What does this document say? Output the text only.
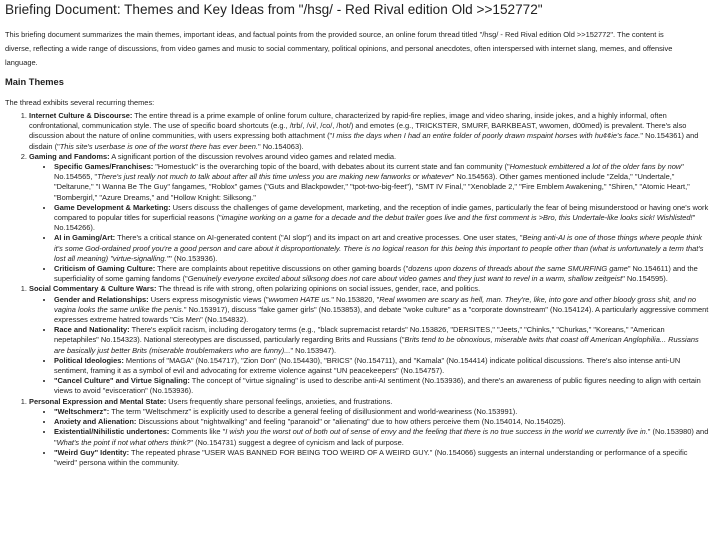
Briefing Document: Themes and Key Ideas from "/hsg/ - Red Rival edition Old >>152772"

This briefing document summarizes the main themes, important ideas, and factual points from the provided source, an online forum thread titled "/hsg/ - Red Rival edition Old >>152772". The content is diverse, reflecting a wide range of discussions, from video games and music to social commentary, political opinions, and personal anecdotes, often interspersed with internet slang, memes, and offensive language.

Main Themes

The thread exhibits several recurring themes:

1. Internet Culture & Discourse: The entire thread is a prime example of online forum culture, characterized by rapid-fire replies, image and video sharing, inside jokes, and a highly informal, often confrontational, communication style. The use of specific board shortcuts (e.g., /trb/, /vi/, /co/, /hot/) and emotes (e.g., TRICKSTER, SMURF, BARKBEAST, wwomen, d00med) is prevalent. There's also discussion about the nature of online communities, with users expressing both attachment ("I miss the days when I had an entire folder of poorly drawn mspaint horses with hu¢¢ie's face." No.154361) and disdain ("This site's userbase is one of the worst there has ever been." No.154063).
2. Gaming and Fandoms: A significant portion of the discussion revolves around video games and related media.
• Specific Games/Franchises: "Homestuck" is the overarching topic of the board, with debates about its current state and fan community ("Homestuck embittered a lot of the older fans by now" No.154565, "There's just really not much to talk about after all this time unless you are making new fanworks or whatever" No.154563). Other games mentioned include "Zelda," "Undertale," "Deltarune," "I Wanna Be The Guy" fangames, "Roblox" games ("Guts and Blackpowder," "tpot-two-big-feet"), "SMT IV Final," "Xenoblade 2," "Fire Emblem Awakening," "Shiren," "Atomic Heart," "Bombergirl," "Azure Dreams," and "Hollow Knight: Silksong."
• Game Development & Marketing: Users discuss the challenges of game development, marketing, and the reception of indie games, particularly the fear of being misunderstood or having one's work compared to popular titles for superficial reasons ("imagine working on a game for a decade and the debut trailer goes live and the first comment is >Bro, this Undertale-like looks sick! Wishlisted!" No.154266).
• AI in Gaming/Art: There's a critical stance on AI-generated content ("AI slop") and its impact on art and creative processes. One user states, "Being anti-AI is one of those things where people think it's some God-ordained proof you're a good person and care about it disproportionately. There is no logical reason for this being this important to people other than (what is unfortunately a term that's lost all meaning) "virtue-signalling."" (No.153936).
• Criticism of Gaming Culture: There are complaints about repetitive discussions on other gaming boards ("dozens upon dozens of threads about the same SMURFING game" No.154611) and the superficiality of some gaming fandoms ("Genuinely everyone excited about silksong does not care about video games and they just want to revel in a warm, shallow zeitgeist" No.154595).
1. Social Commentary & Culture Wars: The thread is rife with strong, often polarizing opinions on social issues, gender, race, and politics.
• Gender and Relationships: Users express misogynistic views ("wwomen HATE us." No.153820, "Real wwomen are scary as hell, man. They're, like, into gore and other bloody gross shit, and no vagina looks the same unlike the penis." No.153917), discuss "fake gamer girls" (No.153853), and debate "woke culture" as a "corporate downstream" (No.154124). A particularly aggressive comment expresses extreme hatred towards "Cis Men" (No.154832).
• Race and Nationality: There's explicit racism, including derogatory terms (e.g., "black supremacist retards" No.153826, "DERSITES," "Jeets," "Chinks," "Churkas," "Koreans," "American nepetaphiles" No.154323). National stereotypes are discussed, particularly regarding Brits and Russians ("Brits tend to be obnoxious, miserable twits that coast off American Anglophilia... Russians are basically just better Brits (miserable troublemakers who are funny)..." No.153947).
• Political Ideologies: Mentions of "MAGA" (No.154717), "Zion Don" (No.154430), "BRICS" (No.154711), and "Kamala" (No.154414) indicate political discussions. There's also intense anti-UN sentiment, framing it as a symbol of evil and advocating for extreme violence against "UN peacekeepers" (No.154757).
• "Cancel Culture" and Virtue Signaling: The concept of "virtue signaling" is used to describe anti-AI sentiment (No.153936), and there's an awareness of public figures needing to align with certain views to avoid "evisceration" (No.153936).
1. Personal Expression and Mental State: Users frequently share personal feelings, anxieties, and frustrations.
• "Weltschmerz": The term "Weltschmerz" is explicitly used to describe a general feeling of disillusionment and world-weariness (No.153991).
• Anxiety and Alienation: Discussions about "nightwalking" and feeling "paranoid" or "alienating" due to how others perceive them (No.154014, No.154025).
• Existential/Nihilistic undertones: Comments like "I wish you the worst out of both out of sense of envy and the feeling that there is no true success in the world we currently live in." (No.153980) and "What's the point if not what others think?" (No.154731) suggest a degree of cynicism and lack of purpose.
• "Weird Guy" Identity: The repeated phrase "USER WAS BANNED FOR BEING TOO WEIRD OF A WEIRD GUY." (No.154066) suggests an internal understanding or performance of a specific "weird" persona within the community.
